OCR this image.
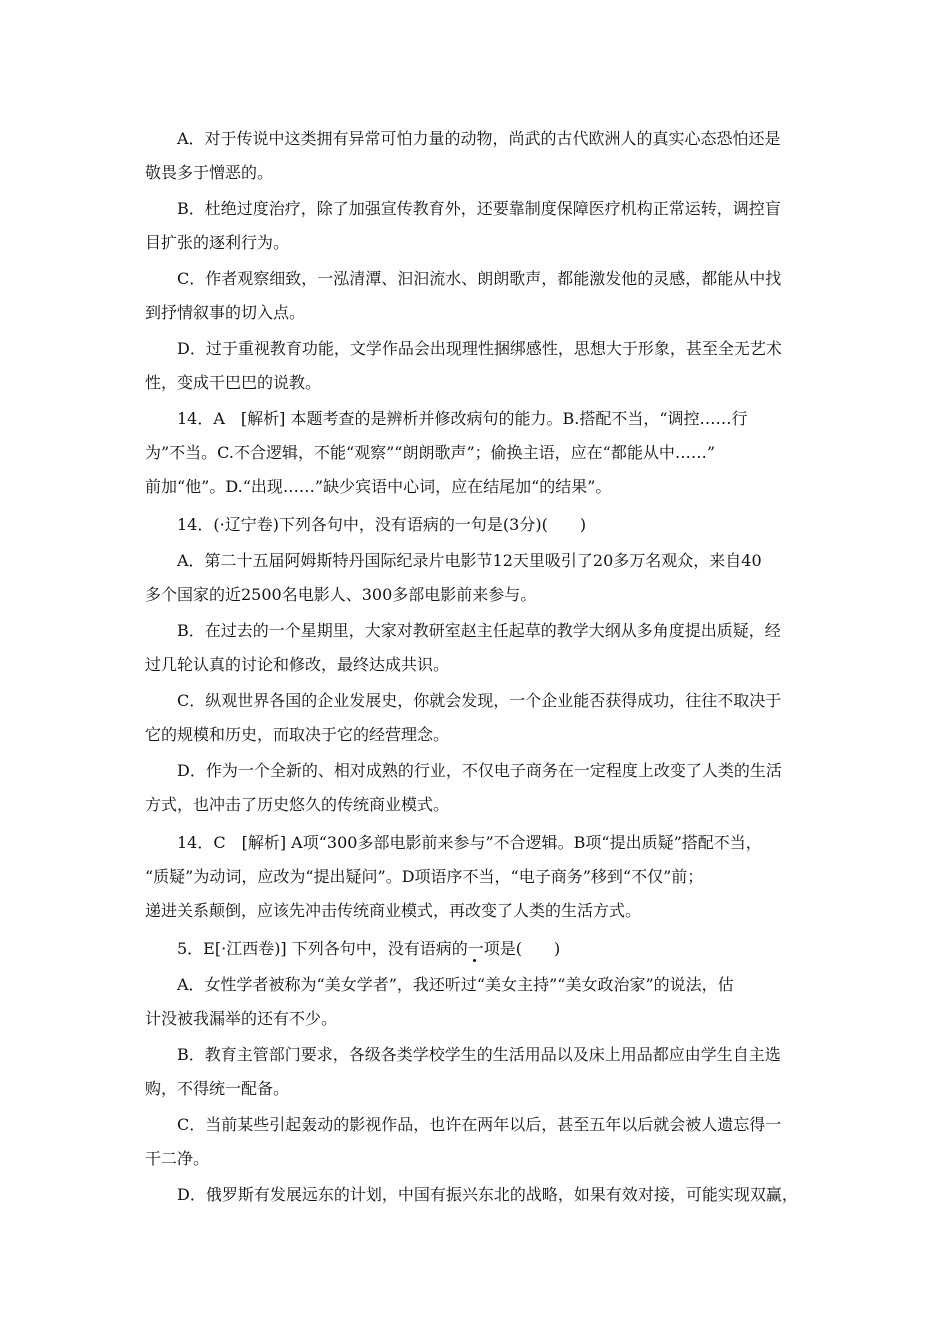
A．对于传说中这类拥有异常可怕力量的动物，尚武的古代欧洲人的真实心态恐怕还是
敬畏多于憎恶的。

B．杜绝过度治疗，除了加强宣传教育外，还要靠制度保障医疗机构正常运转，调控盲
目扩张的逐利行为。

C．作者观察细致，一泓清潭、汩汩流水、朗朗歌声，都能激发他的灵感，都能从中找
到抒情叙事的切入点。

D．过于重视教育功能，文学作品会出现理性捆绑感性，思想大于形象，甚至全无艺术
性，变成干巴巴的说教。

14．A　[解析] 本题考查的是辨析并修改病句的能力。B.搭配不当，“调控……行
为”不当。C.不合逻辑，不能“观察”“朗朗歌声”；偷换主语，应在“都能从中……”
前加“他”。D.“出现……”缺少宾语中心词，应在结尾加“的结果”。

14．(·辽宁卷)下列各句中，没有语病的一句是(3分)(　　)

A．第二十五届阿姆斯特丹国际纪录片电影节12天里吸引了20多万名观众，来自40
多个国家的近2500名电影人、300多部电影前来参与。

B．在过去的一个星期里，大家对教研室赵主任起草的教学大纲从多角度提出质疑，经
过几轮认真的讨论和修改，最终达成共识。

C．纵观世界各国的企业发展史，你就会发现，一个企业能否获得成功，往往不取决于
它的规模和历史，而取决于它的经营理念。

D．作为一个全新的、相对成熟的行业，不仅电子商务在一定程度上改变了人类的生活
方式，也冲击了历史悠久的传统商业模式。

14．C　[解析] A项“300多部电影前来参与”不合逻辑。B项“提出质疑”搭配不当，
“质疑”为动词，应改为“提出疑问”。D项语序不当，“电子商务”移到“不仅”前；
递进关系颠倒，应该先冲击传统商业模式，再改变了人类的生活方式。

5．E[·江西卷)] 下列各句中，没有语病的一项是(　　)

A．女性学者被称为“美女学者”，我还听过“美女主持”“美女政治家”的说法，估
计没被我漏举的还有不少。

B．教育主管部门要求，各级各类学校学生的生活用品以及床上用品都应由学生自主选
购，不得统一配备。

C．当前某些引起轰动的影视作品，也许在两年以后，甚至五年以后就会被人遗忘得一
干二净。

D．俄罗斯有发展远东的计划，中国有振兴东北的战略，如果有效对接，可能实现双赢，
